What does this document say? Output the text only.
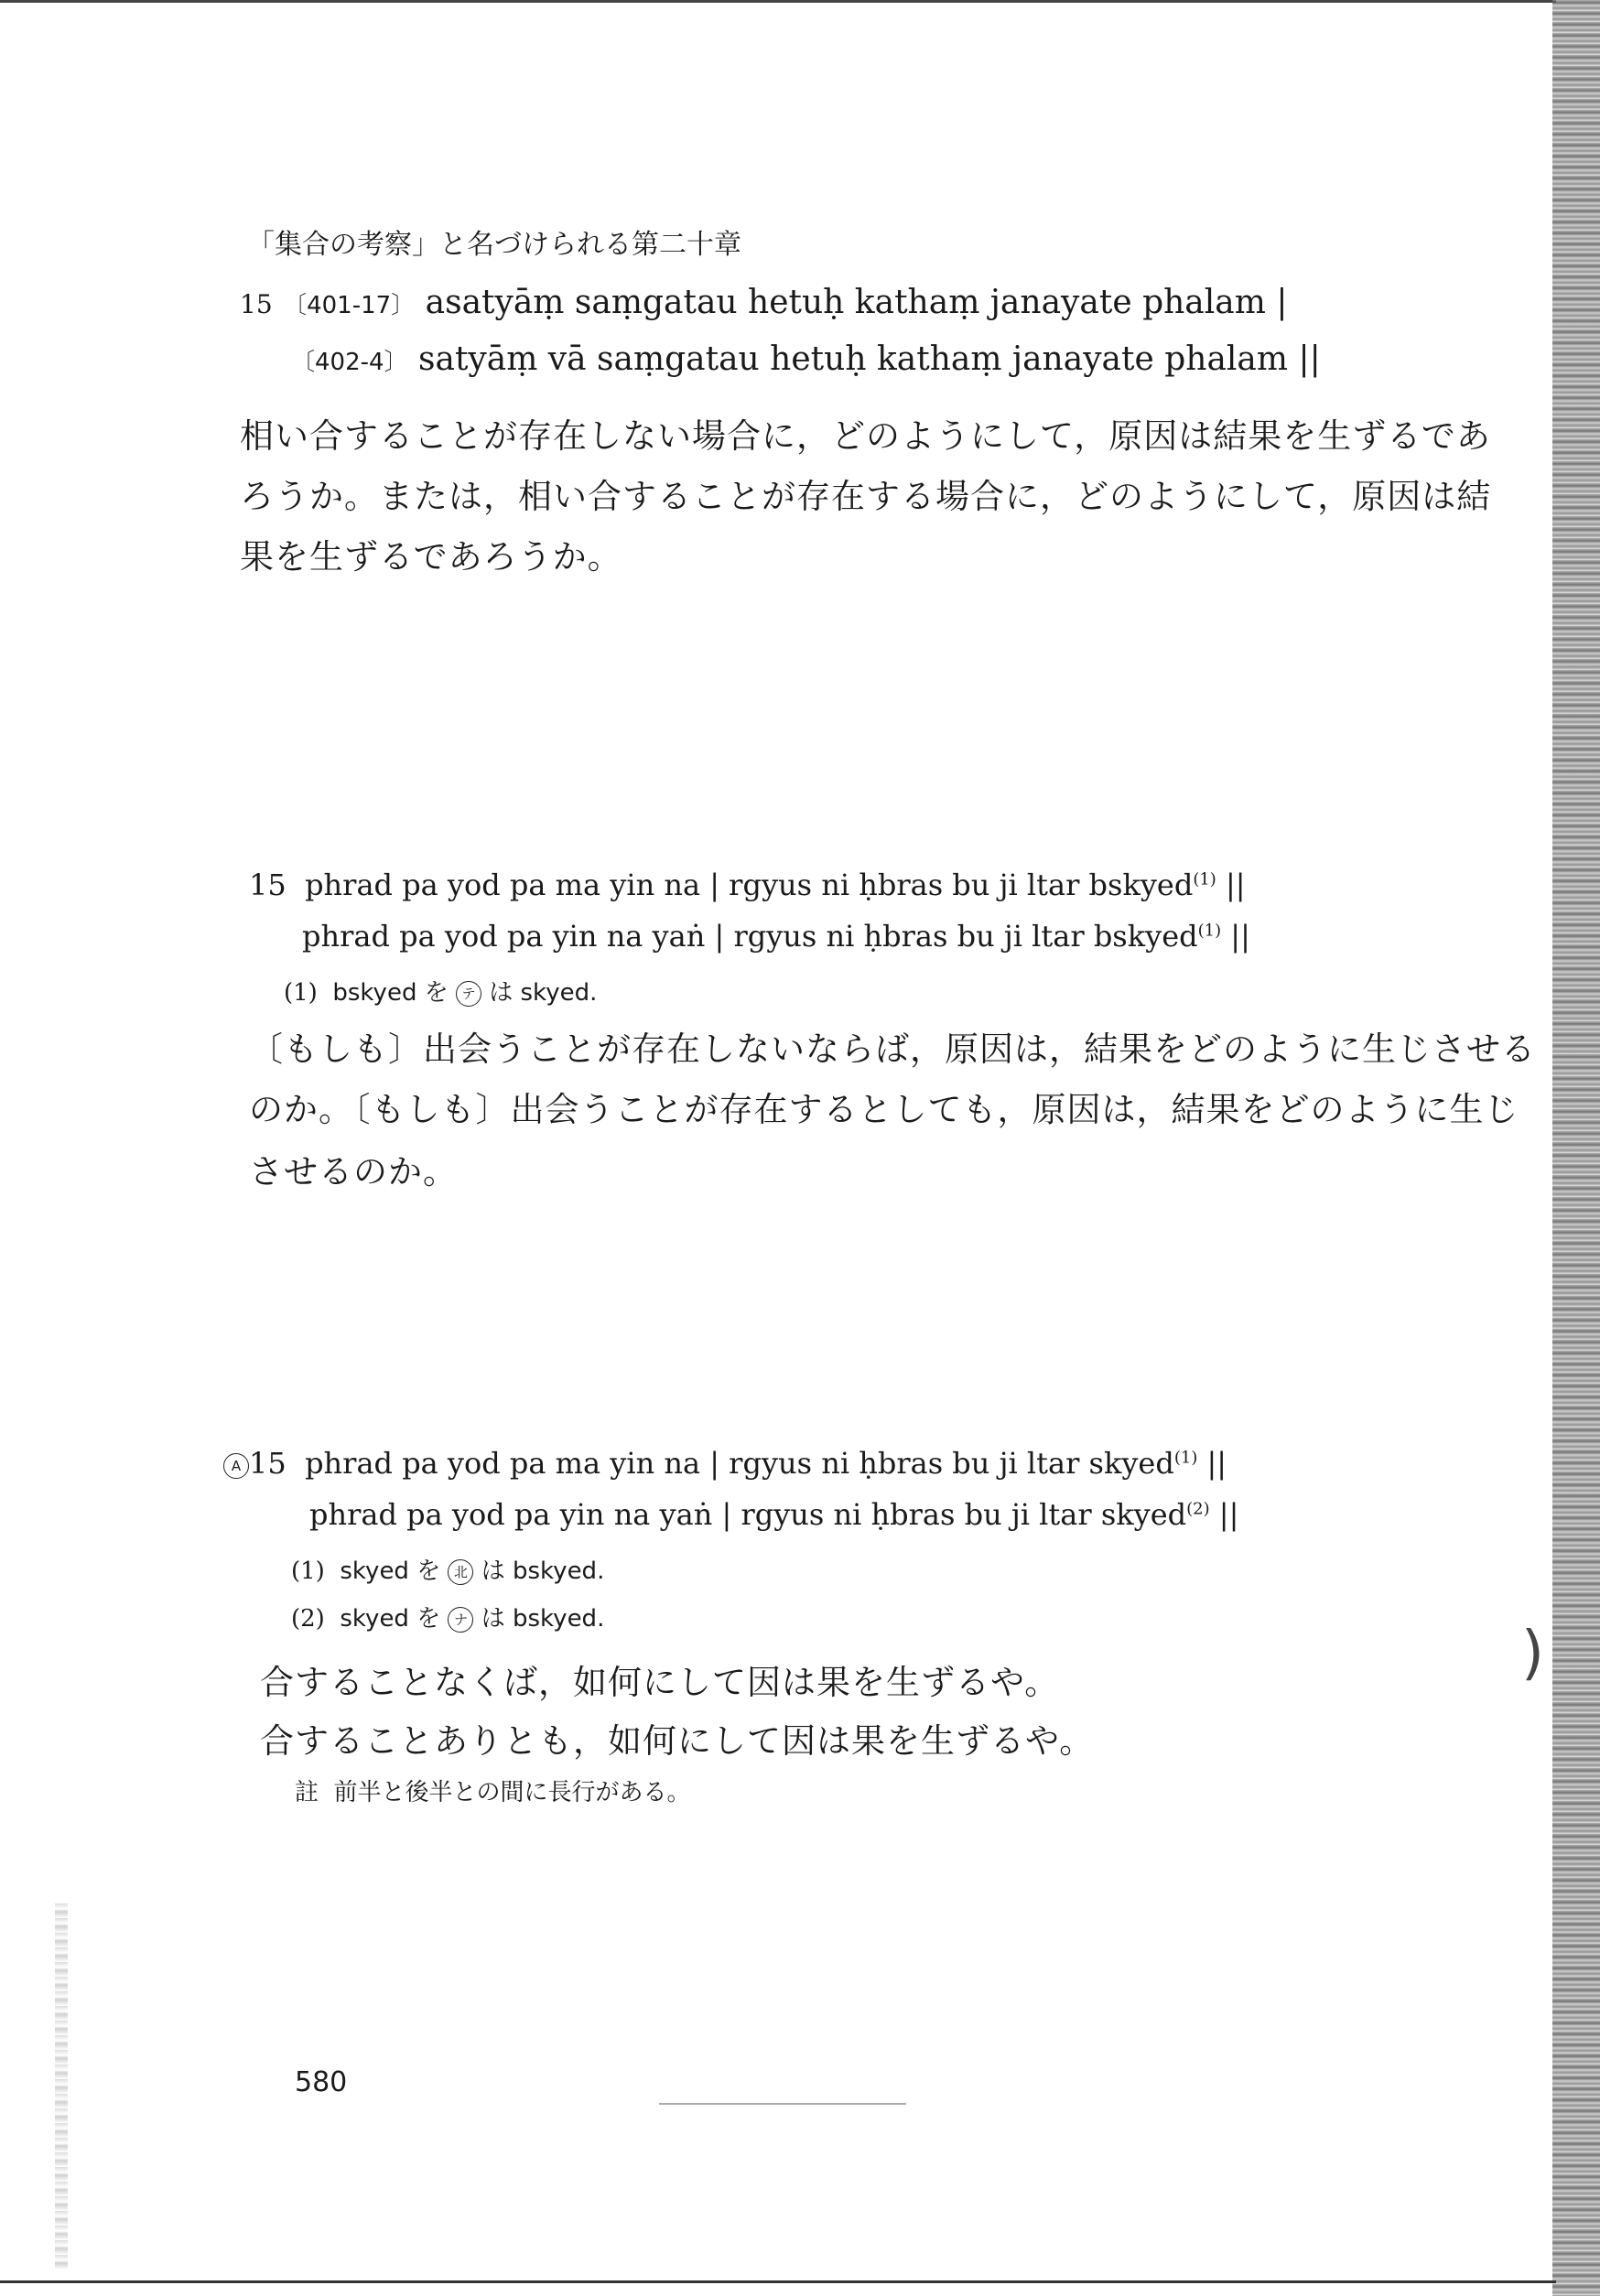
)
「集合の考察」と名づけられる第二十章
15 〔401-17〕 asatyāṃ saṃgatau hetuḥ kathaṃ janayate phalam |
〔402-4〕 satyāṃ vā saṃgatau hetuḥ kathaṃ janayate phalam ||
相い合することが存在しない場合に，どのようにして，原因は結果を生ずるであ
ろうか。または，相い合することが存在する場合に，どのようにして，原因は結
果を生ずるであろうか。
15 phrad pa yod pa ma yin na | rgyus ni ḥbras bu ji ltar bskyed$^{(1)}$ ||
phrad pa yod pa yin na yaṅ | rgyus ni ḥbras bu ji ltar bskyed$^{(1)}$ ||
(1) bskyed を テ は skyed.
〔もしも〕出会うことが存在しないならば，原因は，結果をどのように生じさせる
のか。〔もしも〕出会うことが存在するとしても，原因は，結果をどのように生じ
させるのか。
A 15 phrad pa yod pa ma yin na | rgyus ni ḥbras bu ji ltar skyed$^{(1)}$ ||
phrad pa yod pa yin na yaṅ | rgyus ni ḥbras bu ji ltar skyed$^{(2)}$ ||
(1) skyed を 北 は bskyed.
(2) skyed を ナ は bskyed.
合することなくば，如何にして因は果を生ずるや。
合することありとも，如何にして因は果を生ずるや。
註 前半と後半との間に長行がある。
580
